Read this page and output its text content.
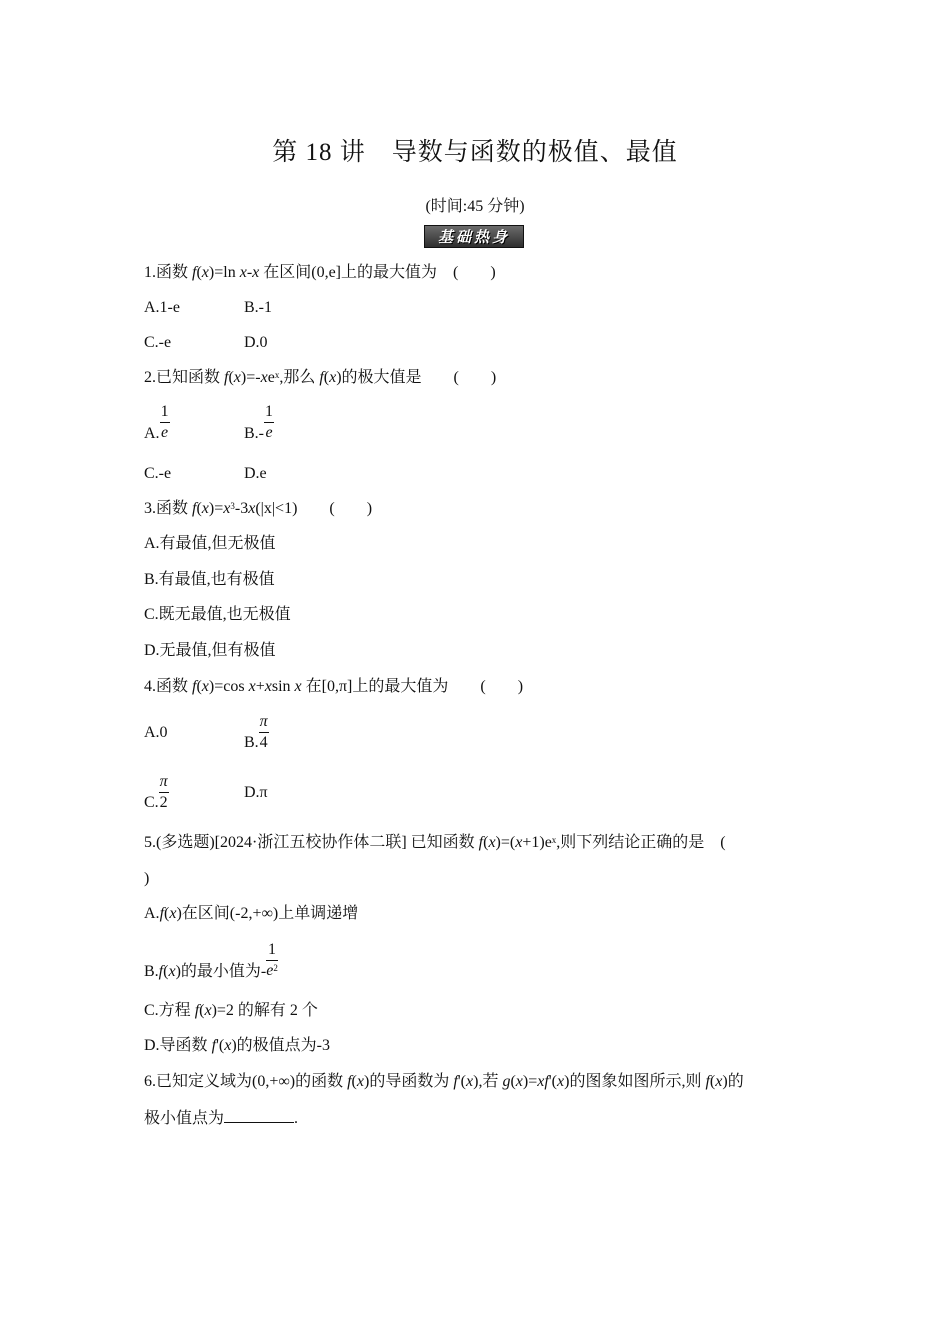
第 18 讲　导数与函数的极值、最值
(时间:45 分钟)
基础热身
1.函数 f(x)=ln x-x 在区间(0,e]上的最大值为　(　　)
A.1-e	B.-1
C.-e	D.0
2.已知函数 $f(x)=-xe^x$,那么 f(x)的极大值是　　(　　)
A. $\frac{1}{e}$	$B.- \frac{1}{e}$
C.-e	D.e
3.函数 $f(x)=x^3-3x(|x|<1)$　　(　　)
A.有最值,但无极值
B.有最值,也有极值
C.既无最值,也无极值
D.无最值,但有极值
4.函数 f(x)=cos x+xsin x 在[0,π]上的最大值为　　(　　)
A.0
B. $\frac{\pi}{4}$
C. $\frac{\pi}{2}$	D.π
5.(多选题)[2024·浙江五校协作体二联] 已知函数 $f(x)=(x+1)e^x$,则下列结论正确的是　(
)
A.f(x)在区间(-2,+∞)上单调递增
B.f(x)的最小值为- $\frac{1}{e^2}$
C.方程 f(x)=2 的解有 2 个
D.导函数 f'(x)的极值点为-3
6.已知定义域为(0,+∞)的函数 f(x)的导函数为 f'(x),若 g(x)=xf'(x)的图象如图所示,则 f(x)的
极小值点为	.
